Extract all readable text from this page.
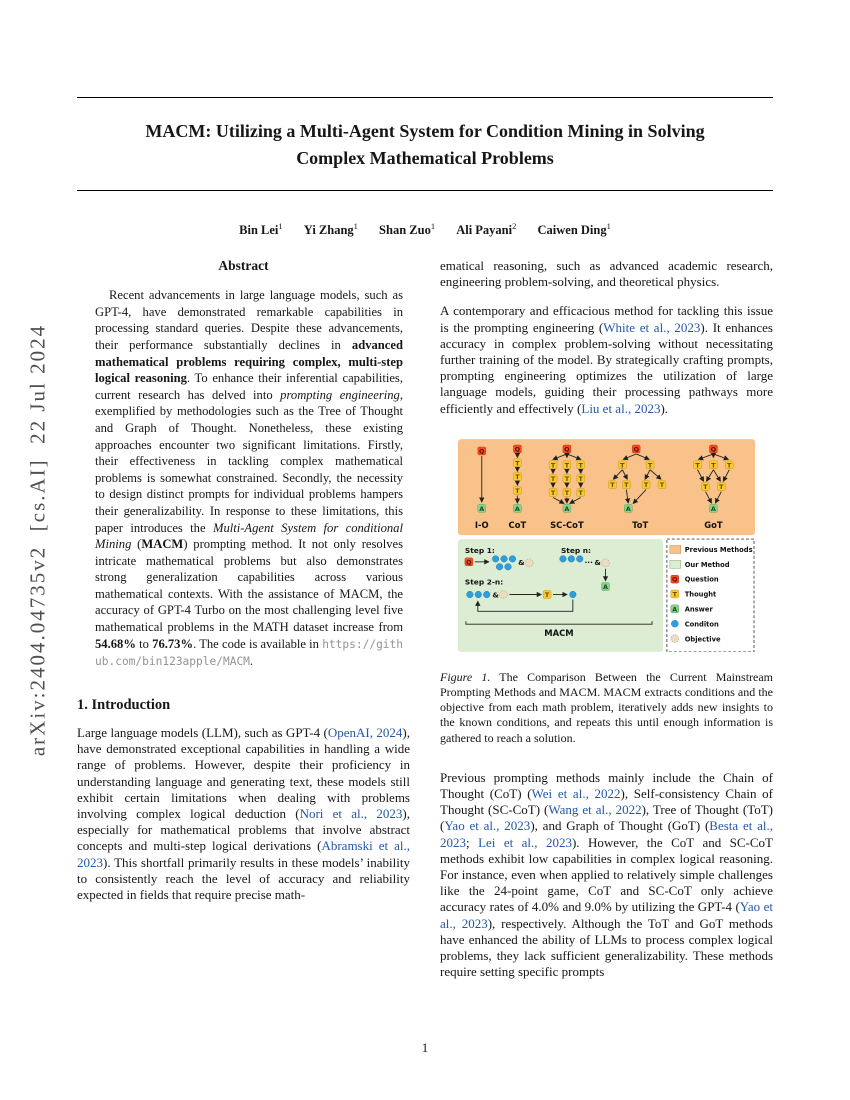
arXiv:2404.04735v2  [cs.AI]  22 Jul 2024
MACM: Utilizing a Multi-Agent System for Condition Mining in Solving
Complex Mathematical Problems
Bin Lei$^1$ Yi Zhang$^1$ Shan Zuo$^1$ Ali Payani$^2$ Caiwen Ding$^1$
Abstract

Recent advancements in large language models, such as GPT-4, have demonstrated remarkable capabilities in processing standard queries. Despite these advancements, their performance substantially declines in advanced mathematical problems requiring complex, multi-step logical reasoning. To enhance their inferential capabilities, current research has delved into prompting engineering, exemplified by methodologies such as the Tree of Thought and Graph of Thought. Nonetheless, these existing approaches encounter two significant limitations. Firstly, their effectiveness in tackling complex mathematical problems is somewhat constrained. Secondly, the necessity to design distinct prompts for individual problems hampers their generalizability. In response to these limitations, this paper introduces the Multi-Agent System for conditional Mining (MACM) prompting method. It not only resolves intricate mathematical problems but also demonstrates strong generalization capabilities across various mathematical contexts. With the assistance of MACM, the accuracy of GPT-4 Turbo on the most challenging level five mathematical problems in the MATH dataset increase from 54.68% to 76.73%. The code is available in https://github.com/bin123apple/MACM.

1. Introduction

Large language models (LLM), such as GPT-4 (OpenAI, 2024), have demonstrated exceptional capabilities in handling a wide range of problems. However, despite their proficiency in understanding language and generating text, these models still exhibit certain limitations when dealing with problems involving complex logical deduction (Nori et al., 2023), especially for mathematical problems that involve abstract concepts and multi-step logical derivations (Abramski et al., 2023). This shortfall primarily results in these models’ inability to consistently reach the level of accuracy and reliability expected in fields that require precise math-

ematical reasoning, such as advanced academic research, engineering problem-solving, and theoretical physics.

A contemporary and efficacious method for tackling this issue is the prompting engineering (White et al., 2023). It enhances accuracy in complex problem-solving without necessitating further training of the model. By strategically crafting prompts, prompting engineering optimizes the utilization of large language models, guiding their processing pathways more efficiently and effectively (Liu et al., 2023).

Q
A
I-O
Q
T
T
T
A
CoT
Q
T T T
T T T
T T T
A
SC-CoT
Q
T	T
T T T T
A
ToT
Q
T T T
T T
A
GoT
Step 1:
Q	&
Step n:
... &
A
Step 2-n:
&	T
MACM
Previous Methods
Our Method
Q Question
T Thought
A Answer
Conditon
Objective

Figure 1. The Comparison Between the Current Mainstream Prompting Methods and MACM. MACM extracts conditions and the objective from each math problem, iteratively adds new insights to the known conditions, and repeats this until enough information is gathered to reach a solution.

Previous prompting methods mainly include the Chain of Thought (CoT) (Wei et al., 2022), Self-consistency Chain of Thought (SC-CoT) (Wang et al., 2022), Tree of Thought (ToT) (Yao et al., 2023), and Graph of Thought (GoT) (Besta et al., 2023; Lei et al., 2023). However, the CoT and SC-CoT methods exhibit low capabilities in complex logical reasoning. For instance, even when applied to relatively simple challenges like the 24-point game, CoT and SC-CoT only achieve accuracy rates of 4.0% and 9.0% by utilizing the GPT-4 (Yao et al., 2023), respectively. Although the ToT and GoT methods have enhanced the ability of LLMs to process complex logical problems, they lack sufficient generalizability. These methods require setting specific prompts

1
